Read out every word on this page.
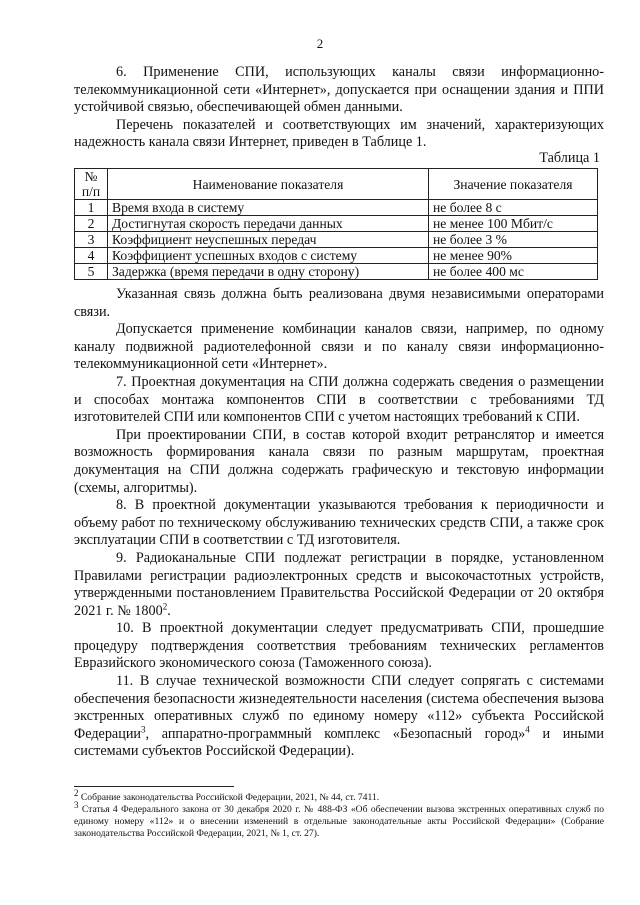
2

6. Применение СПИ, использующих каналы связи информационно-телекоммуникационной сети «Интернет», допускается при оснащении здания и ППИ устойчивой связью, обеспечивающей обмен данными.

Перечень показателей и соответствующих им значений, характеризующих надежность канала связи Интернет, приведен в Таблице 1.

Таблица 1
№ п/п	Наименование показателя	Значение показателя
1	Время входа в систему	не более 8 с
2	Достигнутая скорость передачи данных	не менее 100 Мбит/с
3	Коэффициент неуспешных передач	не более 3 %
4	Коэффициент успешных входов с систему	не менее 90%
5	Задержка (время передачи в одну сторону)	не более 400 мс

Указанная связь должна быть реализована двумя независимыми операторами связи.

Допускается применение комбинации каналов связи, например, по одному каналу подвижной радиотелефонной связи и по каналу связи информационно-телекоммуникационной сети «Интернет».

7. Проектная документация на СПИ должна содержать сведения о размещении и способах монтажа компонентов СПИ в соответствии с требованиями ТД изготовителей СПИ или компонентов СПИ с учетом настоящих требований к СПИ.

При проектировании СПИ, в состав которой входит ретранслятор и имеется возможность формирования канала связи по разным маршрутам, проектная документация на СПИ должна содержать графическую и текстовую информации (схемы, алгоритмы).

8. В проектной документации указываются требования к периодичности и объему работ по техническому обслуживанию технических средств СПИ, а также срок эксплуатации СПИ в соответствии с ТД изготовителя.

9. Радиоканальные СПИ подлежат регистрации в порядке, установленном Правилами регистрации радиоэлектронных средств и высокочастотных устройств, утвержденными постановлением Правительства Российской Федерации от 20 октября 2021 г. № 1800$^2$.

10. В проектной документации следует предусматривать СПИ, прошедшие процедуру подтверждения соответствия требованиям технических регламентов Евразийского экономического союза (Таможенного союза).

11. В случае технической возможности СПИ следует сопрягать с системами обеспечения безопасности жизнедеятельности населения (система обеспечения вызова экстренных оперативных служб по единому номеру «112» субъекта Российской Федерации$^3$, аппаратно-программный комплекс «Безопасный город»$^4$ и иными системами субъектов Российской Федерации).

$^2$ Собрание законодательства Российской Федерации, 2021, № 44, ст. 7411.

$^3$ Статья 4 Федерального закона от 30 декабря 2020 г. № 488-ФЗ «Об обеспечении вызова экстренных оперативных служб по единому номеру «112» и о внесении изменений в отдельные законодательные акты Российской Федерации» (Собрание законодательства Российской Федерации, 2021, № 1, ст. 27).
